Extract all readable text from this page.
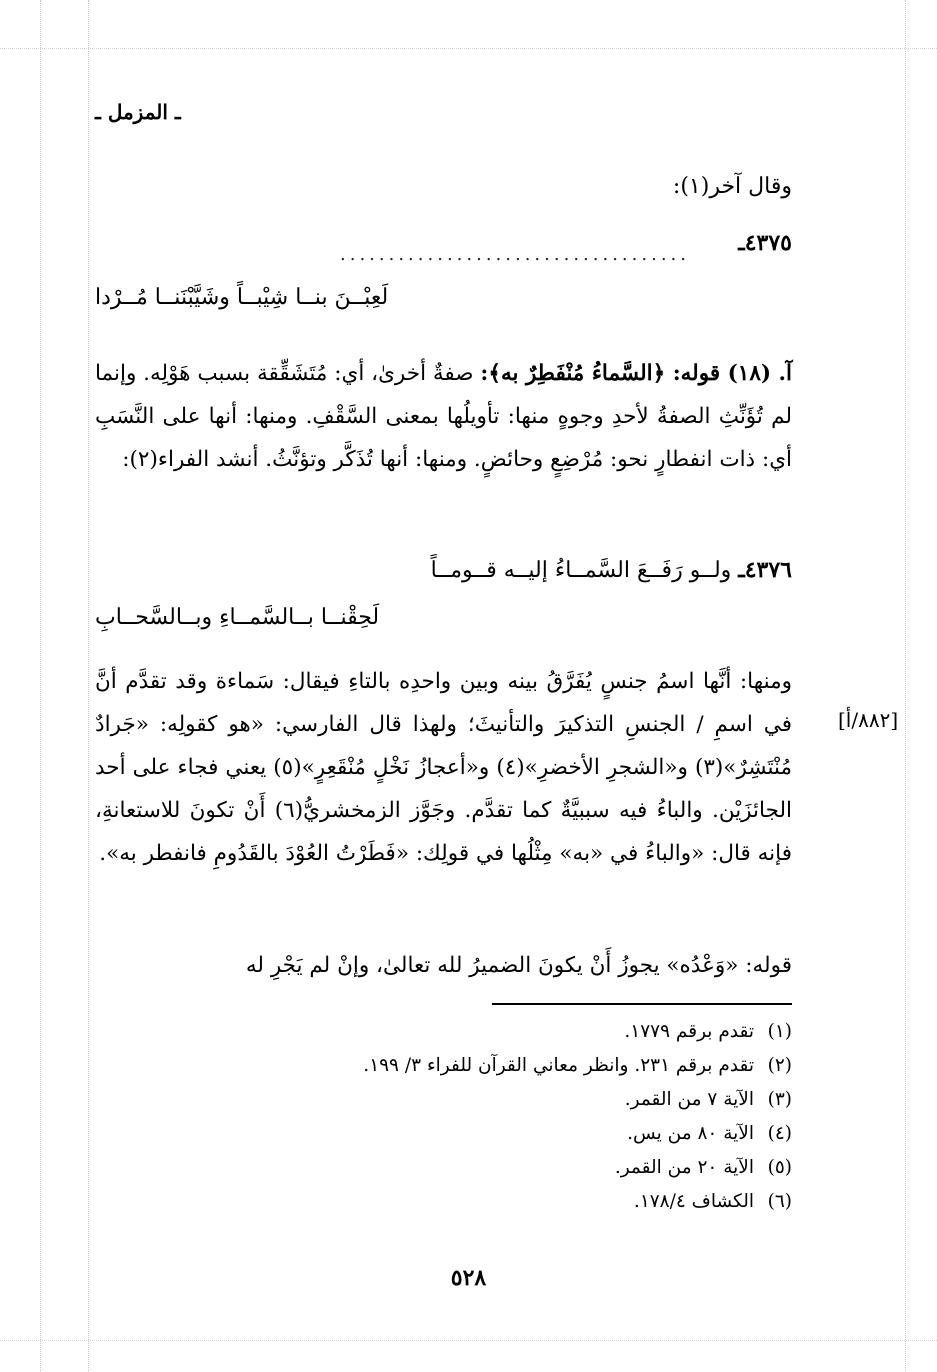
ـ المزمل ـ
وقال آخر(١):
٤٣٧٥ـ
....................................
لَعِبْــنَ بنــا شِيْبــاً وشَيَّبْنَنــا مُــرْدا

آ. (١٨) قوله: ﴿السَّماءُ مُنْفَطِرٌ به﴾: صفةٌ أخرىٰ، أي: مُتَشَقِّقة بسبب هَوْلِه. وإنما لم تُؤَنِّثِ الصفةُ لأحدِ وجوهٍ منها: تأويلُها بمعنى السَّقْفِ. ومنها: أنها على النَّسَبِ أي: ذات انفطارٍ نحو: مُرْضِعٍ وحائضٍ. ومنها: أنها تُذَكَّر وتؤنَّثُ. أنشد الفراء(٢):

٤٣٧٦ـ ولــو رَفَــعَ السَّمــاءُ إليــه قــومــاً
لَحِقْنــا بــالسَّمــاءِ وبــالسَّحــابِ
ومنها: أنَّها اسمُ جنسٍ يُفَرَّقُ بينه وبين واحدِه بالتاءِ فيقال: سَماءة وقد تقدَّم أنَّ في اسمِ / الجنسِ التذكيرَ والتأنيثَ؛ ولهذا قال الفارسي: «هو كقولِه: «جَرادٌ مُنْتَشِرٌ»(٣) و«الشجرِ الأخضرِ»(٤) و«أعجازُ نَخْلٍ مُنْقَعِرٍ»(٥) يعني فجاء على أحد الجائزَيْن. والباءُ فيه سببيَّةٌ كما تقدَّم. وجَوَّز الزمخشريُّ(٦) أَنْ تكونَ للاستعانةِ، فإنه قال: «والباءُ في «به» مِثْلُها في قولِك: «فَطَرْتُ العُوْدَ بالقَدُومِ فانفطر به».
[٨٨٢/أ]
قوله: «وَعْدُه» يجوزُ أَنْ يكونَ الضميرُ لله تعالىٰ، وإنْ لم يَجْرِ له
(١)تقدم برقم ١٧٧٩.
(٢)تقدم برقم ٢٣١. وانظر معاني القرآن للفراء ٣/ ١٩٩.
(٣)الآية ٧ من القمر.
(٤)الآية ٨٠ من يس.
(٥)الآية ٢٠ من القمر.
(٦)الكشاف ١٧٨/٤.
٥٢٨
